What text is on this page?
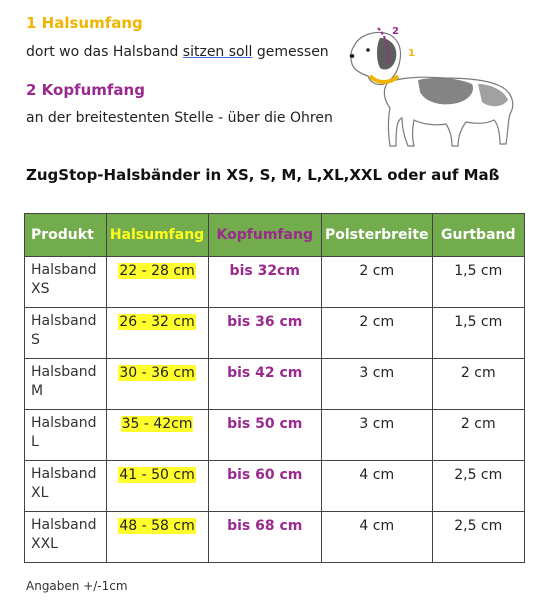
1 Halsumfang
dort wo das Halsband sitzen soll gemessen
2 Kopfumfang
an der breitestenten Stelle - über die Ohren
2
1
ZugStop-Halsbänder in XS, S, M, L,XL,XXL oder auf Maß
Produkt	Halsumfang	Kopfumfang	Polsterbreite	Gurtband
Halsband
XS	22 - 28 cm	bis 32cm	2 cm	1,5 cm
Halsband
S	26 - 32 cm	bis 36 cm	2 cm	1,5 cm
Halsband
M	30 - 36 cm	bis 42 cm	3 cm	2 cm
Halsband
L	35 - 42cm	bis 50 cm	3 cm	2 cm
Halsband
XL	41 - 50 cm	bis 60 cm	4 cm	2,5 cm
Halsband
XXL	48 - 58 cm	bis 68 cm	4 cm	2,5 cm
Angaben +/-1cm
